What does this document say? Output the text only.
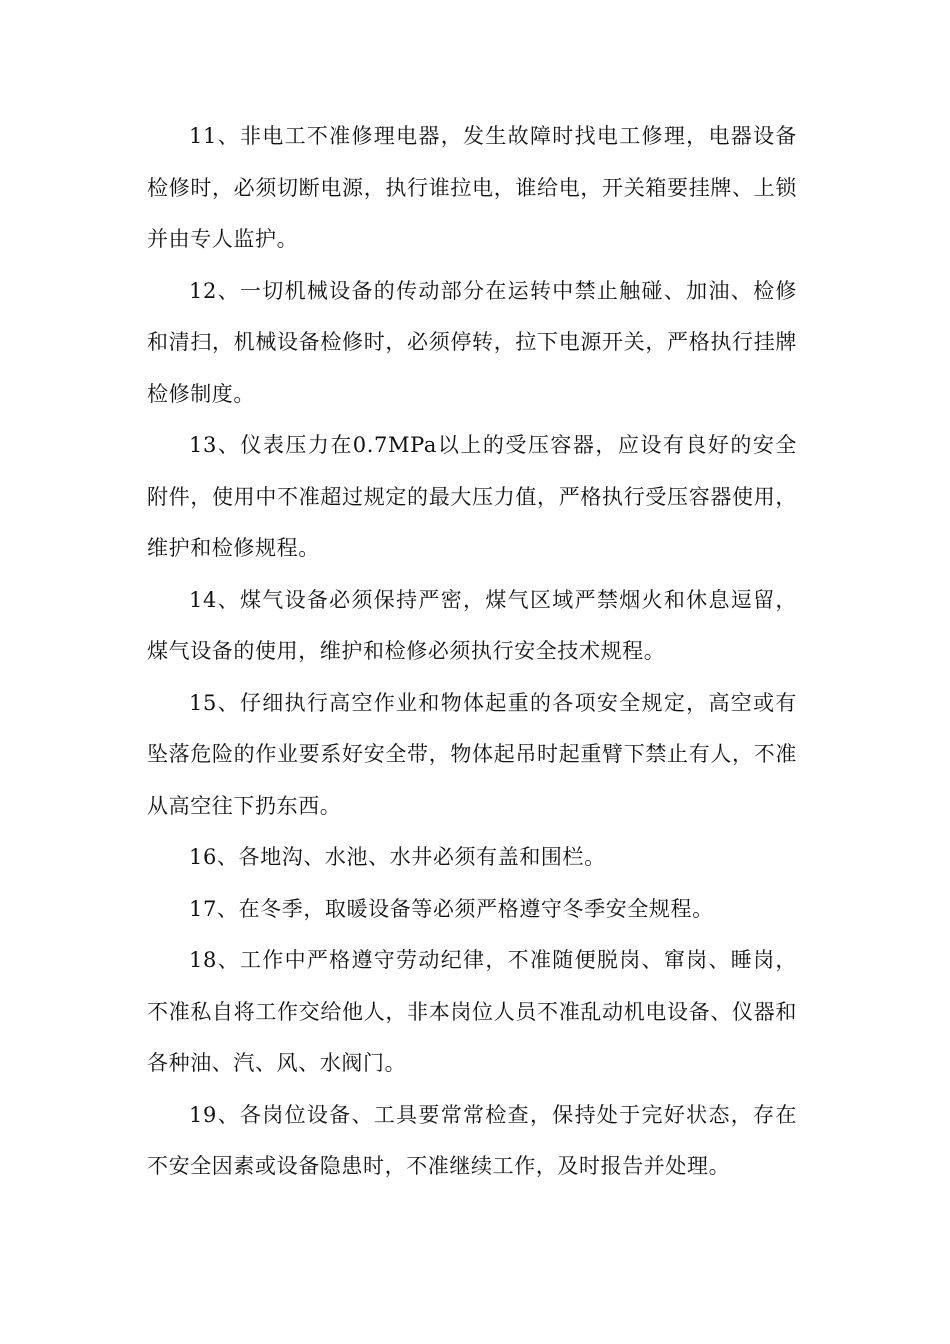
11、非电工不准修理电器，发生故障时找电工修理，电器设备检修时，必须切断电源，执行谁拉电，谁给电，开关箱要挂牌、上锁并由专人监护。

12、一切机械设备的传动部分在运转中禁止触碰、加油、检修和清扫，机械设备检修时，必须停转，拉下电源开关，严格执行挂牌检修制度。

13、仪表压力在0.7MPa以上的受压容器，应设有良好的安全附件，使用中不准超过规定的最大压力值，严格执行受压容器使用，维护和检修规程。

14、煤气设备必须保持严密，煤气区域严禁烟火和休息逗留，煤气设备的使用，维护和检修必须执行安全技术规程。

15、仔细执行高空作业和物体起重的各项安全规定，高空或有坠落危险的作业要系好安全带，物体起吊时起重臂下禁止有人，不准从高空往下扔东西。

16、各地沟、水池、水井必须有盖和围栏。

17、在冬季，取暖设备等必须严格遵守冬季安全规程。

18、工作中严格遵守劳动纪律，不准随便脱岗、窜岗、睡岗，不准私自将工作交给他人，非本岗位人员不准乱动机电设备、仪器和各种油、汽、风、水阀门。

19、各岗位设备、工具要常常检查，保持处于完好状态，存在不安全因素或设备隐患时，不准继续工作，及时报告并处理。
